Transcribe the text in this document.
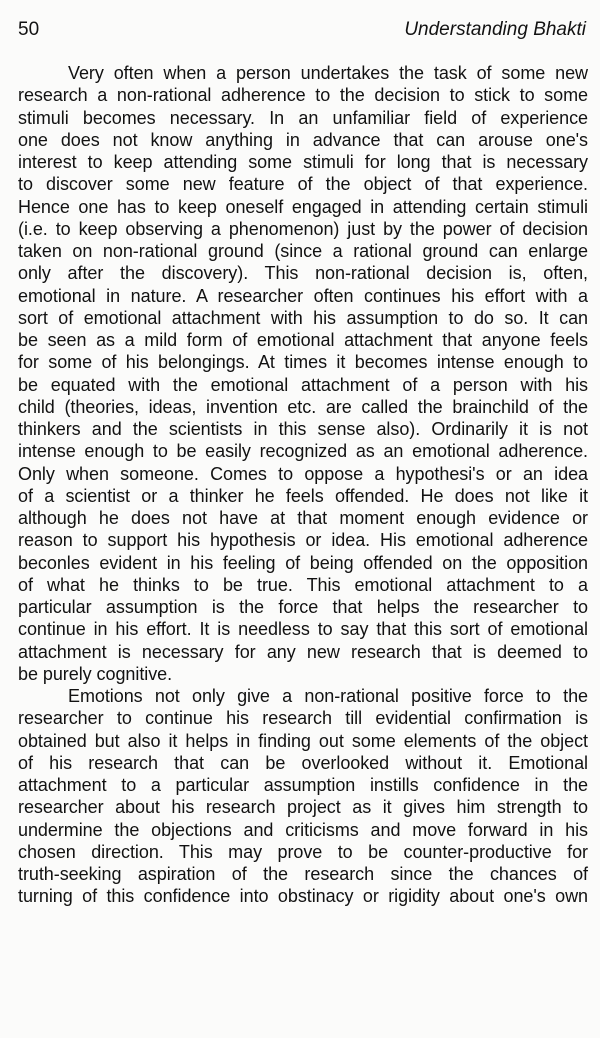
50	Understanding Bhakti
Very often when a person undertakes the task of some new
research a non-rational adherence to the decision to stick to some
stimuli becomes necessary. In an unfamiliar field of experience
one does not know anything in advance that can arouse one's
interest to keep attending some stimuli for long that is necessary
to discover some new feature of the object of that experience.
Hence one has to keep oneself engaged in attending certain stimuli
(i.e. to keep observing a phenomenon) just by the power of decision
taken on non-rational ground (since a rational ground can enlarge
only after the discovery). This non-rational decision is, often,
emotional in nature. A researcher often continues his effort with a
sort of emotional attachment with his assumption to do so. It can
be seen as a mild form of emotional attachment that anyone feels
for some of his belongings. At times it becomes intense enough to
be equated with the emotional attachment of a person with his
child (theories, ideas, invention etc. are called the brainchild of the
thinkers and the scientists in this sense also). Ordinarily it is not
intense enough to be easily recognized as an emotional adherence.
Only when someone. Comes to oppose a hypothesi's or an idea
of a scientist or a thinker he feels offended. He does not like it
although he does not have at that moment enough evidence or
reason to support his hypothesis or idea. His emotional adherence
beconles evident in his feeling of being offended on the opposition
of what he thinks to be true. This emotional attachment to a
particular assumption is the force that helps the researcher to
continue in his effort. It is needless to say that this sort of emotional
attachment is necessary for any new research that is deemed to
be purely cognitive.
Emotions not only give a non-rational positive force to the
researcher to continue his research till evidential confirmation is
obtained but also it helps in finding out some elements of the object
of his research that can be overlooked without it. Emotional
attachment to a particular assumption instills confidence in the
researcher about his research project as it gives him strength to
undermine the objections and criticisms and move forward in his
chosen direction. This may prove to be counter-productive for
truth-seeking aspiration of the research since the chances of
turning of this confidence into obstinacy or rigidity about one's own
